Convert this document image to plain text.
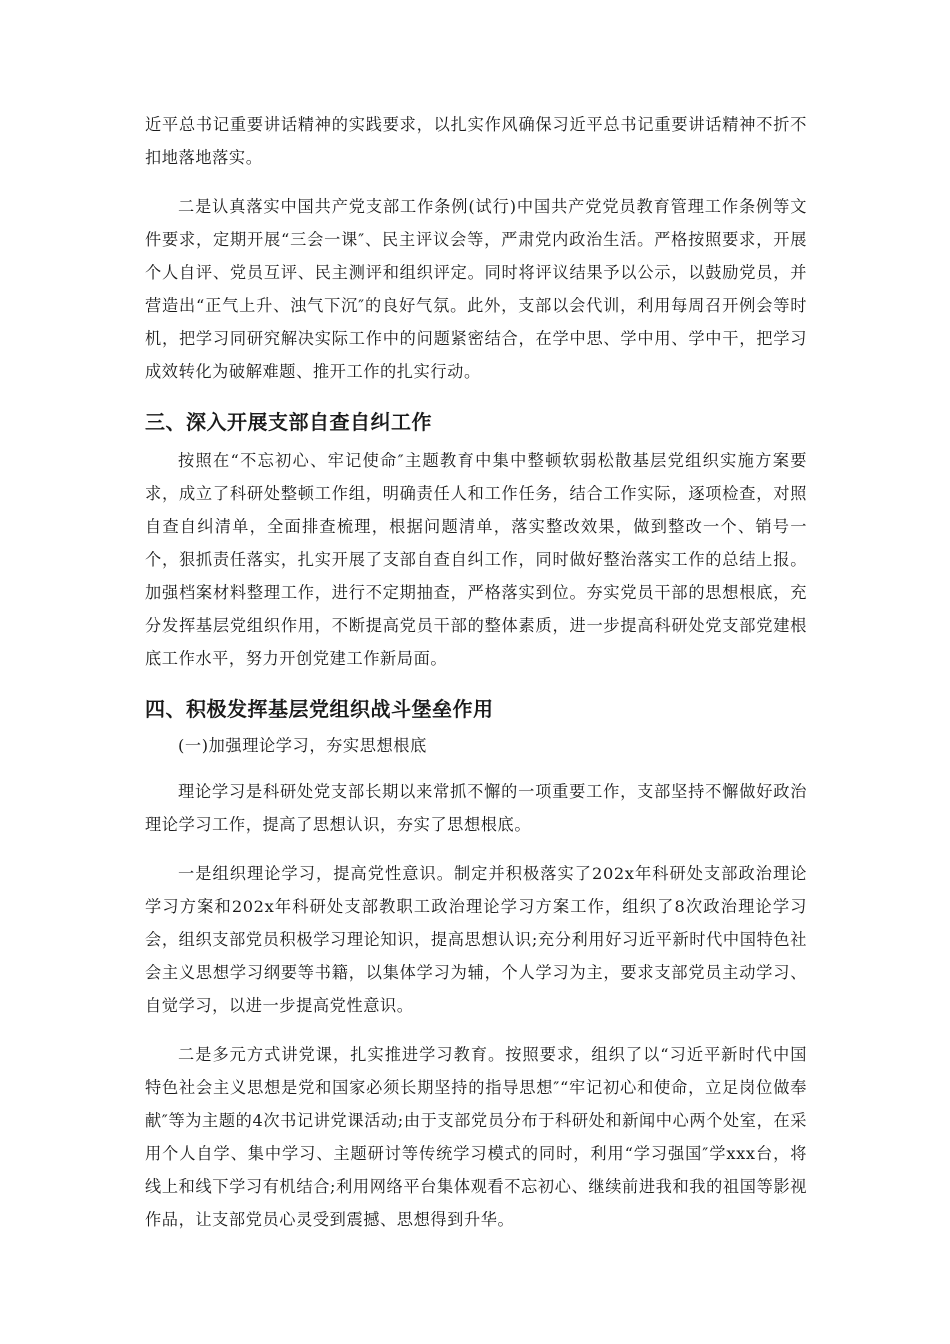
近平总书记重要讲话精神的实践要求，以扎实作风确保习近平总书记重要讲话精神不折不扣地落地落实。

二是认真落实中国共产党支部工作条例(试行)中国共产党党员教育管理工作条例等文件要求，定期开展“三会一课″、民主评议会等，严肃党内政治生活。严格按照要求，开展个人自评、党员互评、民主测评和组织评定。同时将评议结果予以公示，以鼓励党员，并营造出“正气上升、浊气下沉″的良好气氛。此外，支部以会代训，利用每周召开例会等时机，把学习同研究解决实际工作中的问题紧密结合，在学中思、学中用、学中干，把学习成效转化为破解难题、推开工作的扎实行动。

三、深入开展支部自查自纠工作

按照在“不忘初心、牢记使命″主题教育中集中整顿软弱松散基层党组织实施方案要求，成立了科研处整顿工作组，明确责任人和工作任务，结合工作实际，逐项检查，对照自查自纠清单，全面排查梳理，根据问题清单，落实整改效果，做到整改一个、销号一个，狠抓责任落实，扎实开展了支部自查自纠工作，同时做好整治落实工作的总结上报。加强档案材料整理工作，进行不定期抽查，严格落实到位。夯实党员干部的思想根底，充分发挥基层党组织作用，不断提高党员干部的整体素质，进一步提高科研处党支部党建根底工作水平，努力开创党建工作新局面。

四、积极发挥基层党组织战斗堡垒作用

(一)加强理论学习，夯实思想根底

理论学习是科研处党支部长期以来常抓不懈的一项重要工作，支部坚持不懈做好政治理论学习工作，提高了思想认识，夯实了思想根底。

一是组织理论学习，提高党性意识。制定并积极落实了202x年科研处支部政治理论学习方案和202x年科研处支部教职工政治理论学习方案工作，组织了8次政治理论学习会，组织支部党员积极学习理论知识，提高思想认识;充分利用好习近平新时代中国特色社会主义思想学习纲要等书籍，以集体学习为辅，个人学习为主，要求支部党员主动学习、自觉学习，以进一步提高党性意识。

二是多元方式讲党课，扎实推进学习教育。按照要求，组织了以“习近平新时代中国特色社会主义思想是党和国家必须长期坚持的指导思想″“牢记初心和使命，立足岗位做奉献″等为主题的4次书记讲党课活动;由于支部党员分布于科研处和新闻中心两个处室，在采用个人自学、集中学习、主题研讨等传统学习模式的同时，利用“学习强国″学xxx台，将线上和线下学习有机结合;利用网络平台集体观看不忘初心、继续前进我和我的祖国等影视作品，让支部党员心灵受到震撼、思想得到升华。
